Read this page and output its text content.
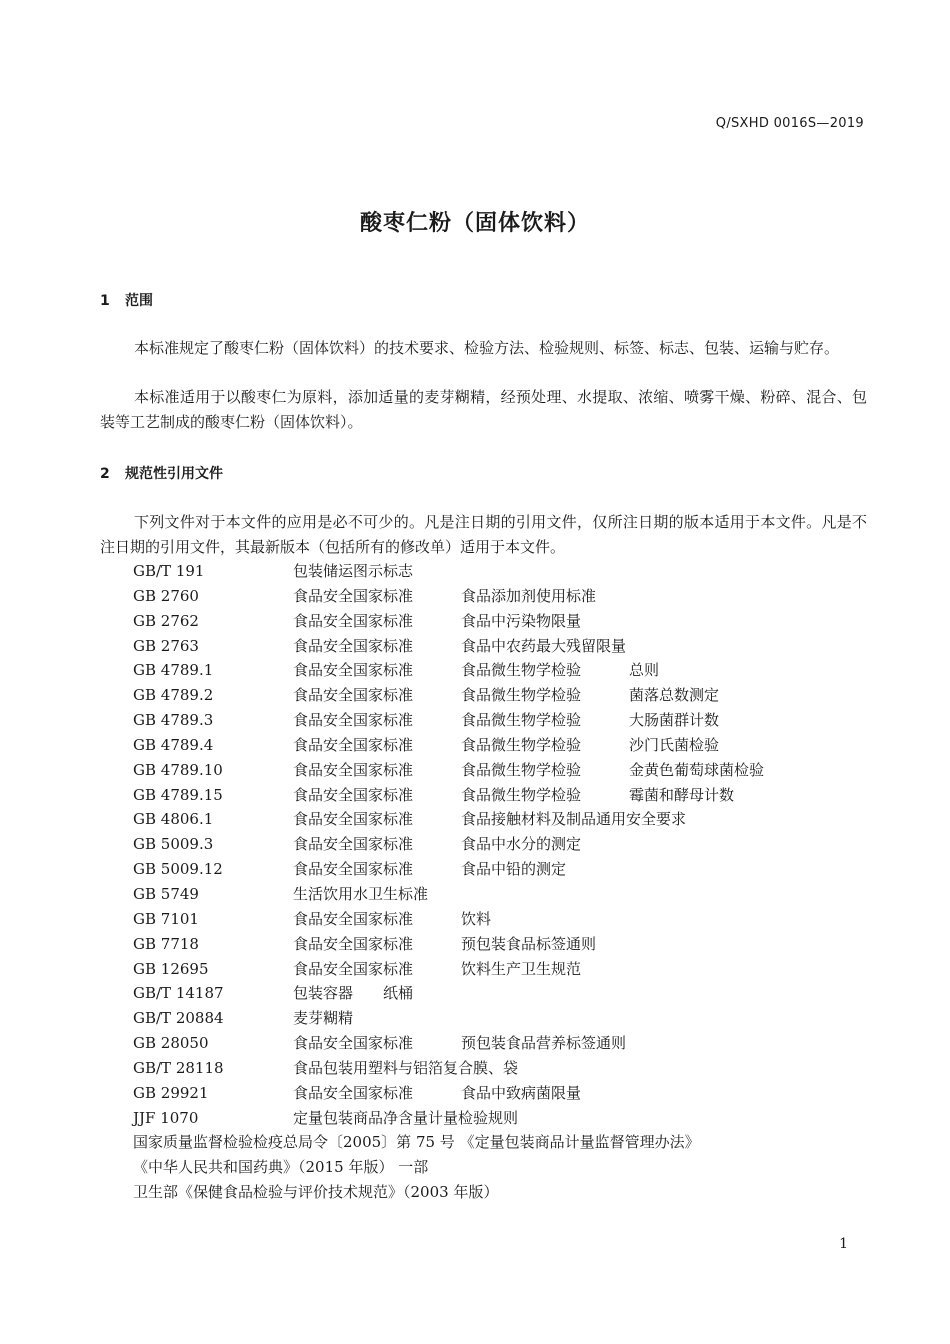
Q/SXHD 0016S—2019
酸枣仁粉（固体饮料）
1 范围

本标准规定了酸枣仁粉（固体饮料）的技术要求、检验方法、检验规则、标签、标志、包装、运输与贮存。

本标准适用于以酸枣仁为原料，添加适量的麦芽糊精，经预处理、水提取、浓缩、喷雾干燥、粉碎、混合、包装等工艺制成的酸枣仁粉（固体饮料）。

2 规范性引用文件

下列文件对于本文件的应用是必不可少的。凡是注日期的引用文件，仅所注日期的版本适用于本文件。凡是不注日期的引用文件，其最新版本（包括所有的修改单）适用于本文件。

GB/T 191	包装储运图示标志
GB 2760	食品安全国家标准	食品添加剂使用标准
GB 2762	食品安全国家标准	食品中污染物限量
GB 2763	食品安全国家标准	食品中农药最大残留限量
GB 4789.1	食品安全国家标准	食品微生物学检验	总则
GB 4789.2	食品安全国家标准	食品微生物学检验	菌落总数测定
GB 4789.3	食品安全国家标准	食品微生物学检验	大肠菌群计数
GB 4789.4	食品安全国家标准	食品微生物学检验	沙门氏菌检验
GB 4789.10	食品安全国家标准	食品微生物学检验	金黄色葡萄球菌检验
GB 4789.15	食品安全国家标准	食品微生物学检验	霉菌和酵母计数
GB 4806.1	食品安全国家标准	食品接触材料及制品通用安全要求
GB 5009.3	食品安全国家标准	食品中水分的测定
GB 5009.12	食品安全国家标准	食品中铅的测定
GB 5749	生活饮用水卫生标准
GB 7101	食品安全国家标准	饮料
GB 7718	食品安全国家标准	预包装食品标签通则
GB 12695	食品安全国家标准	饮料生产卫生规范
GB/T 14187	包装容器　　纸桶
GB/T 20884	麦芽糊精
GB 28050	食品安全国家标准	预包装食品营养标签通则
GB/T 28118	食品包装用塑料与铝箔复合膜、袋
GB 29921	食品安全国家标准	食品中致病菌限量
JJF 1070	定量包装商品净含量计量检验规则
国家质量监督检验检疫总局令〔2005〕第 75 号 《定量包装商品计量监督管理办法》
《中华人民共和国药典》（2015 年版） 一部
卫生部《保健食品检验与评价技术规范》（2003 年版）
1
